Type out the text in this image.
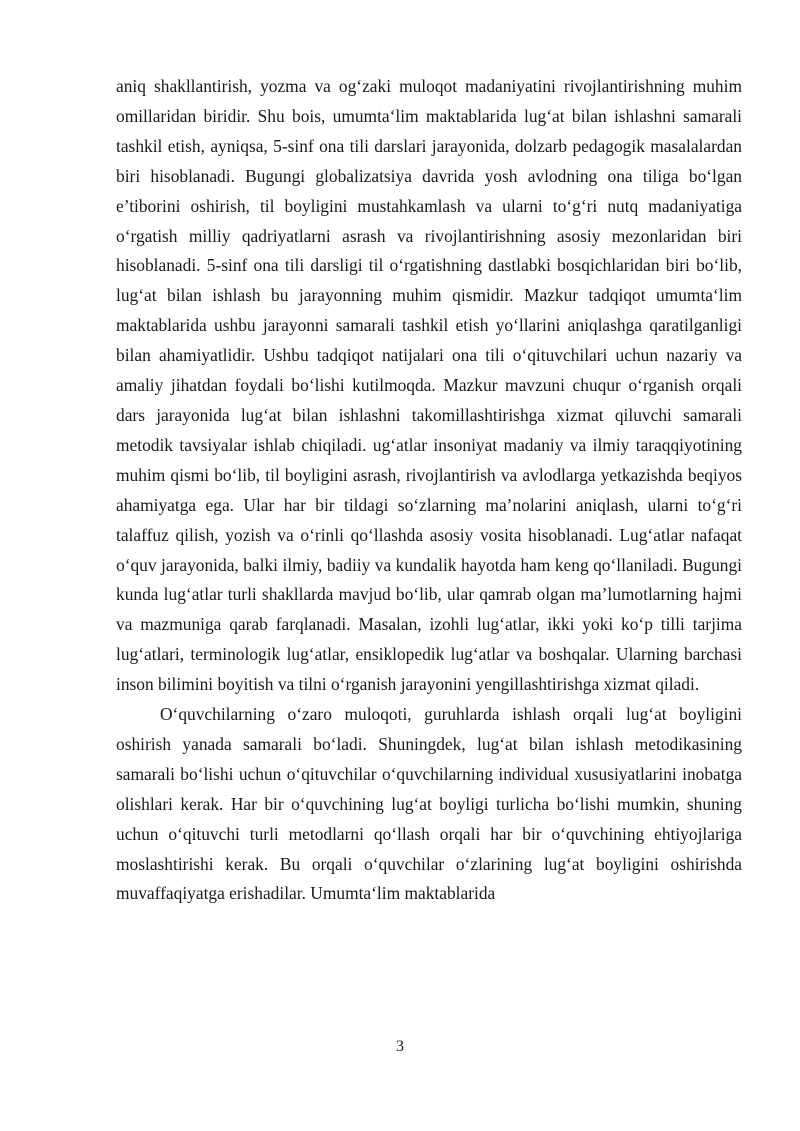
aniq shakllantirish, yozma va og‘zaki muloqot madaniyatini rivojlantirishning muhim omillaridan biridir. Shu bois, umumta‘lim maktablarida lug‘at bilan ishlashni samarali tashkil etish, ayniqsa, 5-sinf ona tili darslari jarayonida, dolzarb pedagogik masalalardan biri hisoblanadi. Bugungi globalizatsiya davrida yosh avlodning ona tiliga bo‘lgan e’tiborini oshirish, til boyligini mustahkamlash va ularni to‘g‘ri nutq madaniyatiga o‘rgatish milliy qadriyatlarni asrash va rivojlantirishning asosiy mezonlaridan biri hisoblanadi. 5-sinf ona tili darsligi til o‘rgatishning dastlabki bosqichlaridan biri bo‘lib, lug‘at bilan ishlash bu jarayonning muhim qismidir. Mazkur tadqiqot umumta‘lim maktablarida ushbu jarayonni samarali tashkil etish yo‘llarini aniqlashga qaratilganligi bilan ahamiyatlidir. Ushbu tadqiqot natijalari ona tili o‘qituvchilari uchun nazariy va amaliy jihatdan foydali bo‘lishi kutilmoqda. Mazkur mavzuni chuqur o‘rganish orqali dars jarayonida lug‘at bilan ishlashni takomillashtirishga xizmat qiluvchi samarali metodik tavsiyalar ishlab chiqiladi. ug‘atlar insoniyat madaniy va ilmiy taraqqiyotining muhim qismi bo‘lib, til boyligini asrash, rivojlantirish va avlodlarga yetkazishda beqiyos ahamiyatga ega. Ular har bir tildagi so‘zlarning ma’nolarini aniqlash, ularni to‘g‘ri talaffuz qilish, yozish va o‘rinli qo‘llashda asosiy vosita hisoblanadi. Lug‘atlar nafaqat o‘quv jarayonida, balki ilmiy, badiiy va kundalik hayotda ham keng qo‘llaniladi. Bugungi kunda lug‘atlar turli shakllarda mavjud bo‘lib, ular qamrab olgan ma’lumotlarning hajmi va mazmuniga qarab farqlanadi. Masalan, izohli lug‘atlar, ikki yoki ko‘p tilli tarjima lug‘atlari, terminologik lug‘atlar, ensiklopedik lug‘atlar va boshqalar. Ularning barchasi inson bilimini boyitish va tilni o‘rganish jarayonini yengillashtirishga xizmat qiladi.

O‘quvchilarning o‘zaro muloqoti, guruhlarda ishlash orqali lug‘at boyligini oshirish yanada samarali bo‘ladi. Shuningdek, lug‘at bilan ishlash metodikasining samarali bo‘lishi uchun o‘qituvchilar o‘quvchilarning individual xususiyatlarini inobatga olishlari kerak. Har bir o‘quvchining lug‘at boyligi turlicha bo‘lishi mumkin, shuning uchun o‘qituvchi turli metodlarni qo‘llash orqali har bir o‘quvchining ehtiyojlariga moslashtirishi kerak. Bu orqali o‘quvchilar o‘zlarining lug‘at boyligini oshirishda muvaffaqiyatga erishadilar. Umumta‘lim maktablarida

3
